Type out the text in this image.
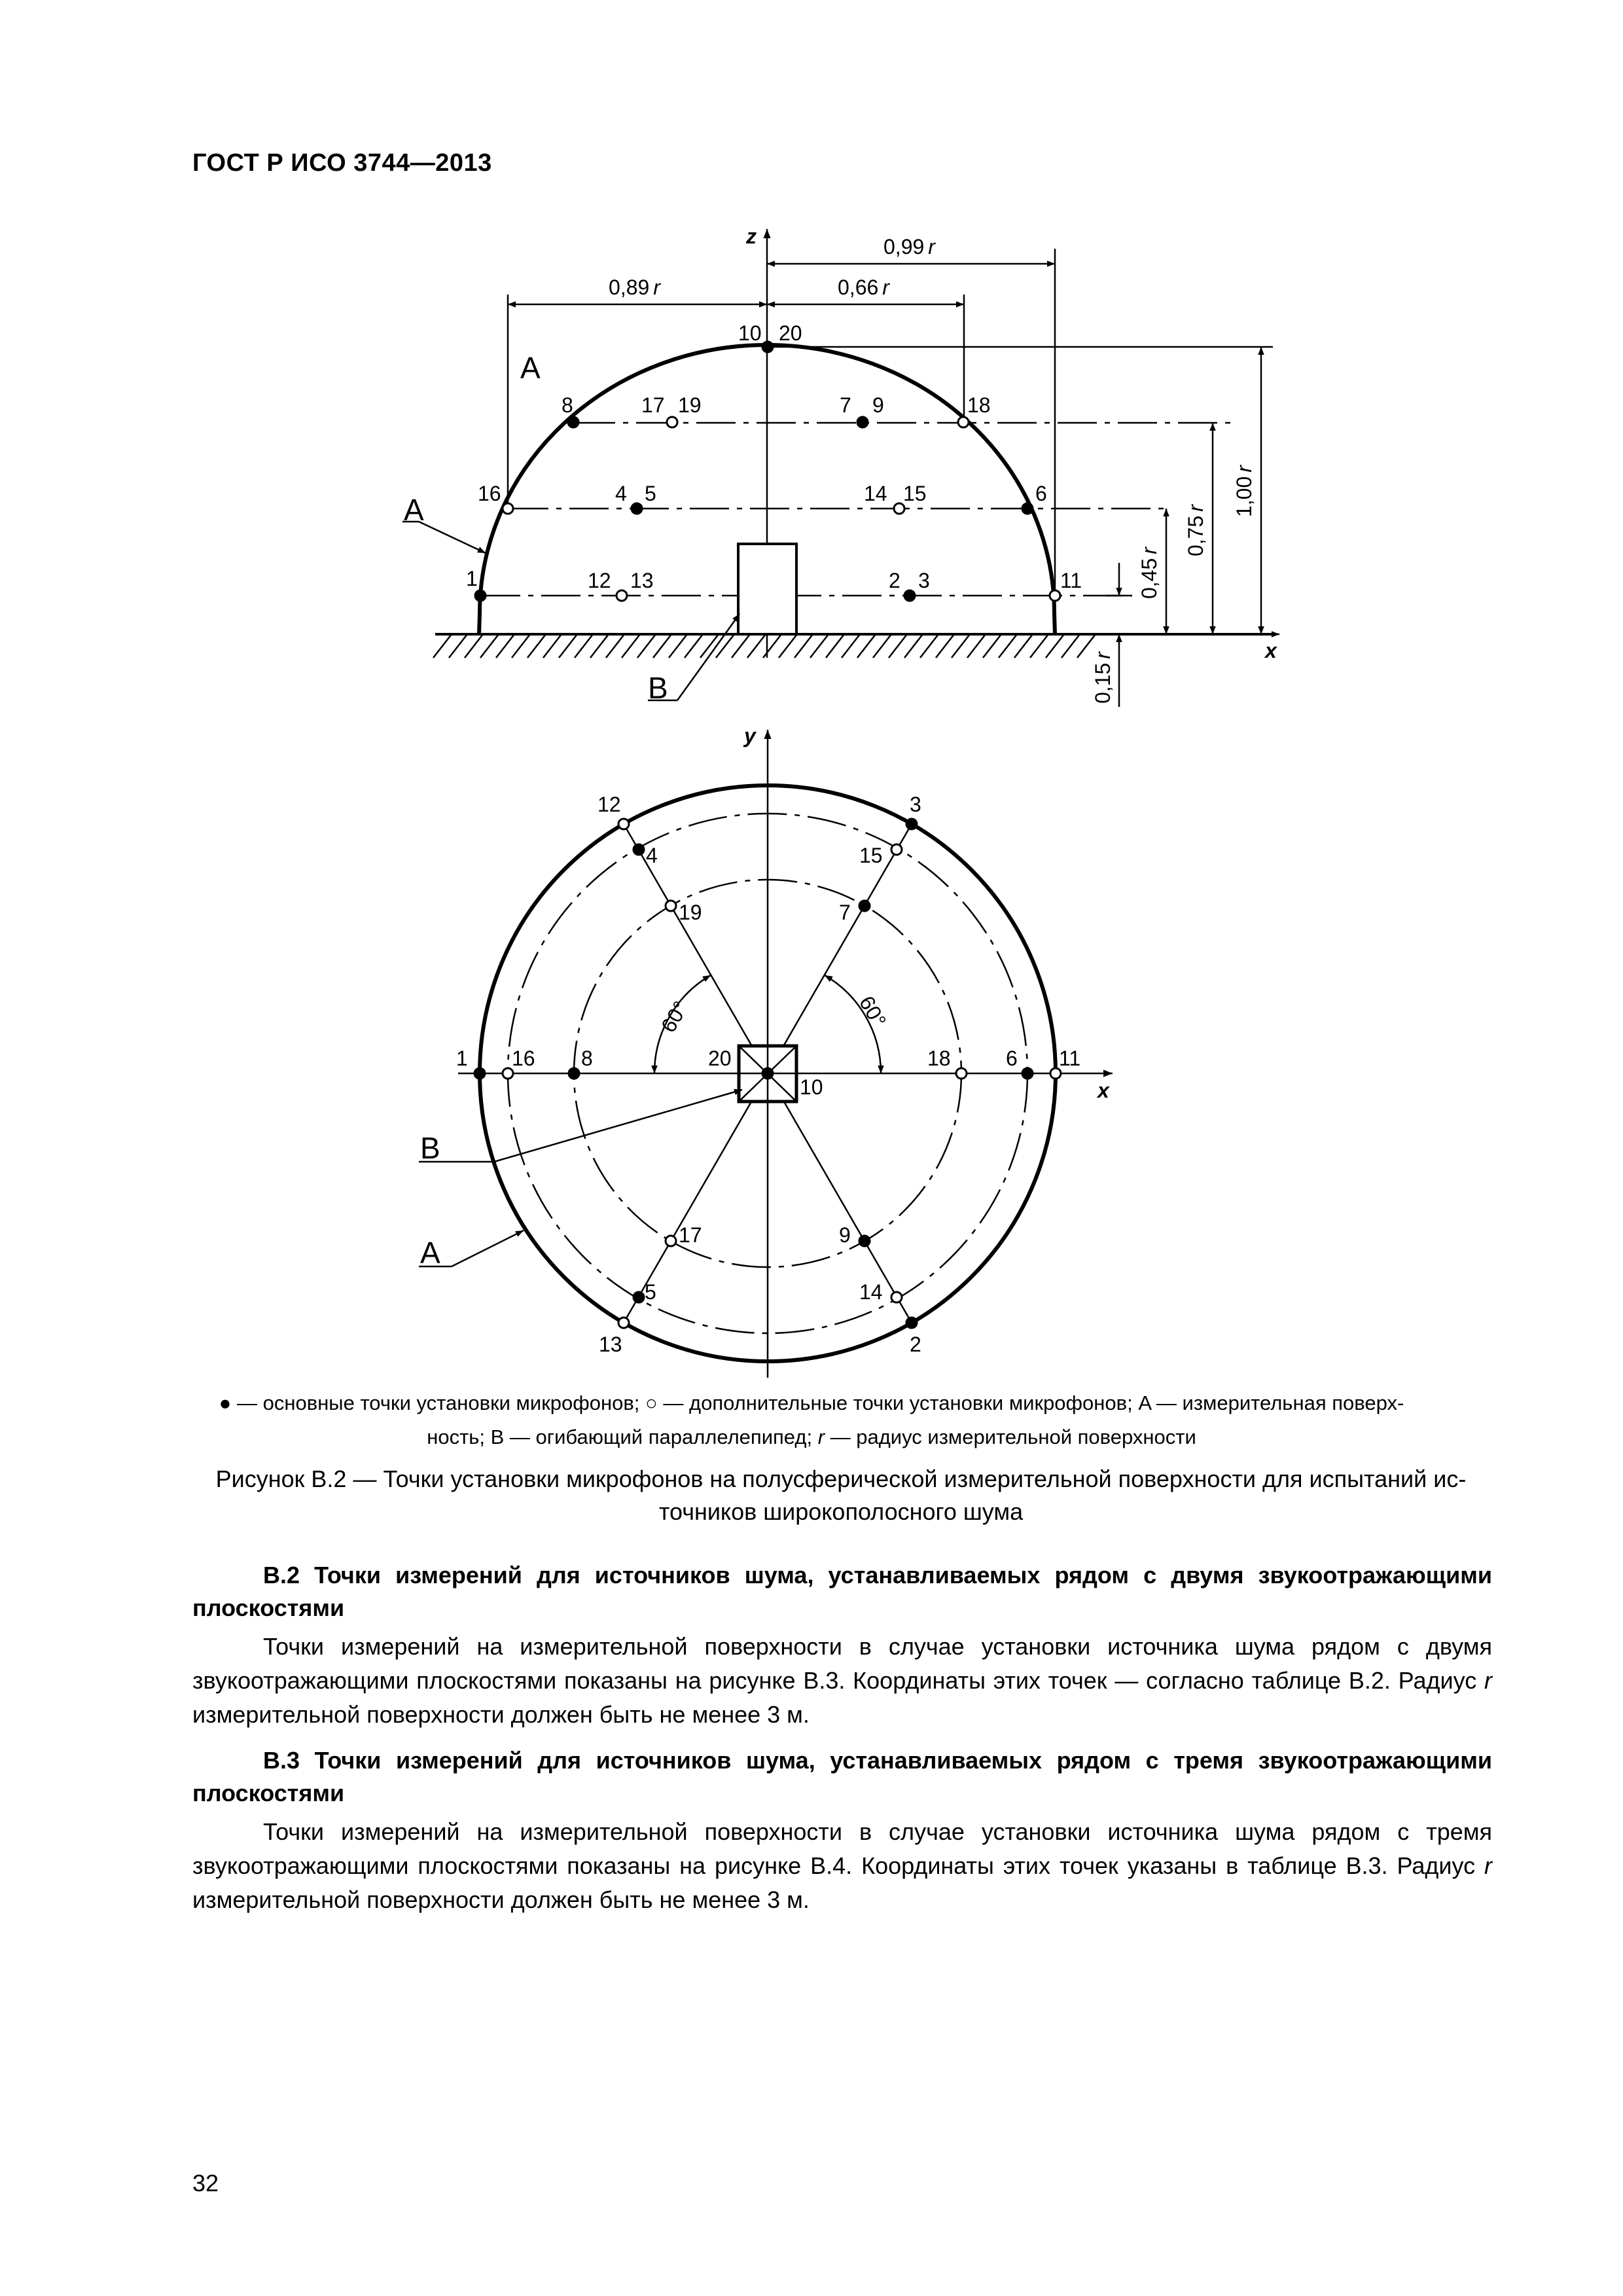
ГОСТ Р ИСО 3744—2013
z
x
0,99 r
0,89 r	0,66 r
1,00r
0,75r
0,45r
0,15r
A
A
B
10 20
8	17 19	7 9	18
16	4 5	14 15	6
1	12 13	2 3	11
y
x
60°	60°
B
A
12	3
4	15
19	7
1 16 8	20
10
18	6 11
17	9
5	14
13	2
● — основные точки установки микрофонов; ○ — дополнительные точки установки микрофонов; A — измерительная поверх-
ность; B — огибающий параллелепипед; r — радиус измерительной поверхности
Рисунок B.2 — Точки установки микрофонов на полусферической измерительной поверхности для испытаний ис-
точников широкополосного шума
B.2 Точки измерений для источников шума, устанавливаемых рядом с двумя звукоотражающими плоскостями

Точки измерений на измерительной поверхности в случае установки источника шума рядом с двумя звукоотражающими плоскостями показаны на рисунке B.3. Координаты этих точек — согласно таблице B.2. Радиус r измерительной поверхности должен быть не менее 3 м.

B.3 Точки измерений для источников шума, устанавливаемых рядом с тремя звукоотражающими плоскостями

Точки измерений на измерительной поверхности в случае установки источника шума рядом с тремя звукоотражающими плоскостями показаны на рисунке B.4. Координаты этих точек указаны в таблице B.3. Радиус r измерительной поверхности должен быть не менее 3 м.

32
